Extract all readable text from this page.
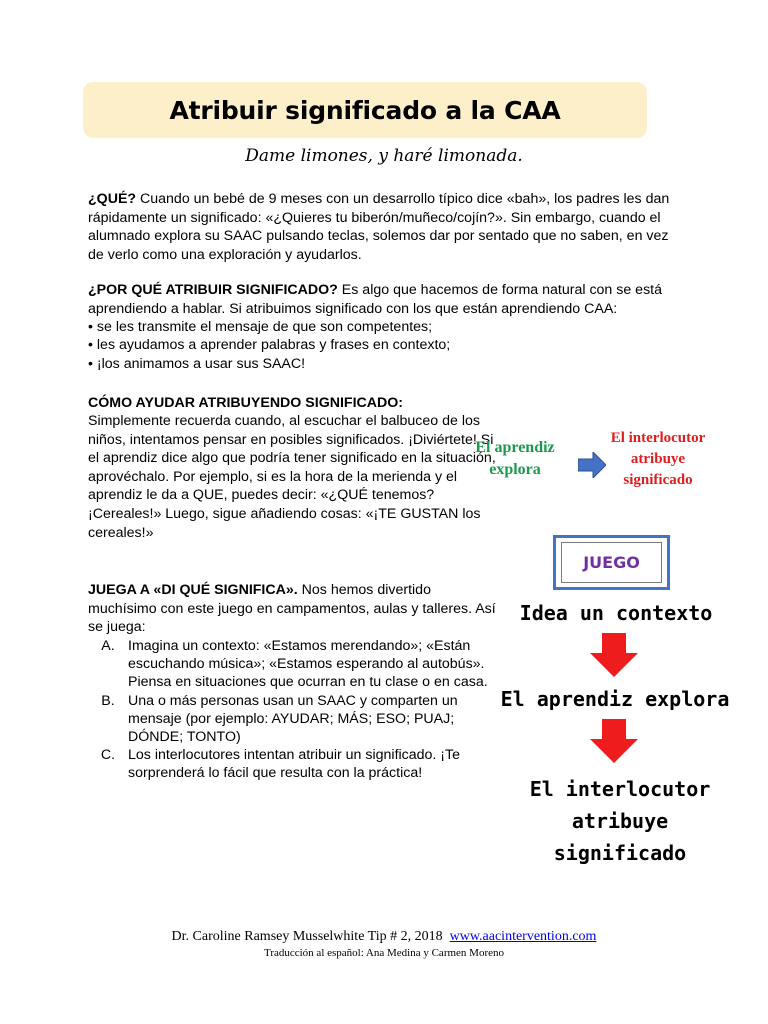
Atribuir significado a la CAA
Dame limones, y haré limonada.

¿QUÉ? Cuando un bebé de 9 meses con un desarrollo típico dice «bah», los padres les dan rápidamente un significado: «¿Quieres tu biberón/muñeco/cojín?». Sin embargo, cuando el alumnado explora su SAAC pulsando teclas, solemos dar por sentado que no saben, en vez de verlo como una exploración y ayudarlos.

¿POR QUÉ ATRIBUIR SIGNIFICADO? Es algo que hacemos de forma natural con se está aprendiendo a hablar. Si atribuimos significado con los que están aprendiendo CAA:

• se les transmite el mensaje de que son competentes;
• les ayudamos a aprender palabras y frases en contexto;
• ¡los animamos a usar sus SAAC!

CÓMO AYUDAR ATRIBUYENDO SIGNIFICADO:

Simplemente recuerda cuando, al escuchar el balbuceo de los niños, intentamos pensar en posibles significados. ¡Diviértete! Si el aprendiz dice algo que podría tener significado en la situación, aprovéchalo. Por ejemplo, si es la hora de la merienda y el aprendiz le da a QUE, puedes decir: «¿QUÉ tenemos? ¡Cereales!» Luego, sigue añadiendo cosas: «¡TE GUSTAN los cereales!»

El aprendiz
explora
El interlocutor
atribuye
significado

JUEGA A «DI QUÉ SIGNIFICA». Nos hemos divertido muchísimo con este juego en campamentos, aulas y talleres. Así se juega:

A. Imagina un contexto: «Estamos merendando»; «Están escuchando música»; «Estamos esperando al autobús». Piensa en situaciones que ocurran en tu clase o en casa.
B. Una o más personas usan un SAAC y comparten un mensaje (por ejemplo: AYUDAR; MÁS; ESO; PUAJ; DÓNDE; TONTO)
C. Los interlocutores intentan atribuir un significado. ¡Te sorprenderá lo fácil que resulta con la práctica!
JUEGO
Idea un contexto
El aprendiz explora
El interlocutor
atribuye
significado
Dr. Caroline Ramsey Musselwhite Tip # 2, 2018 www.aacintervention.com
Traducción al español: Ana Medina y Carmen Moreno
